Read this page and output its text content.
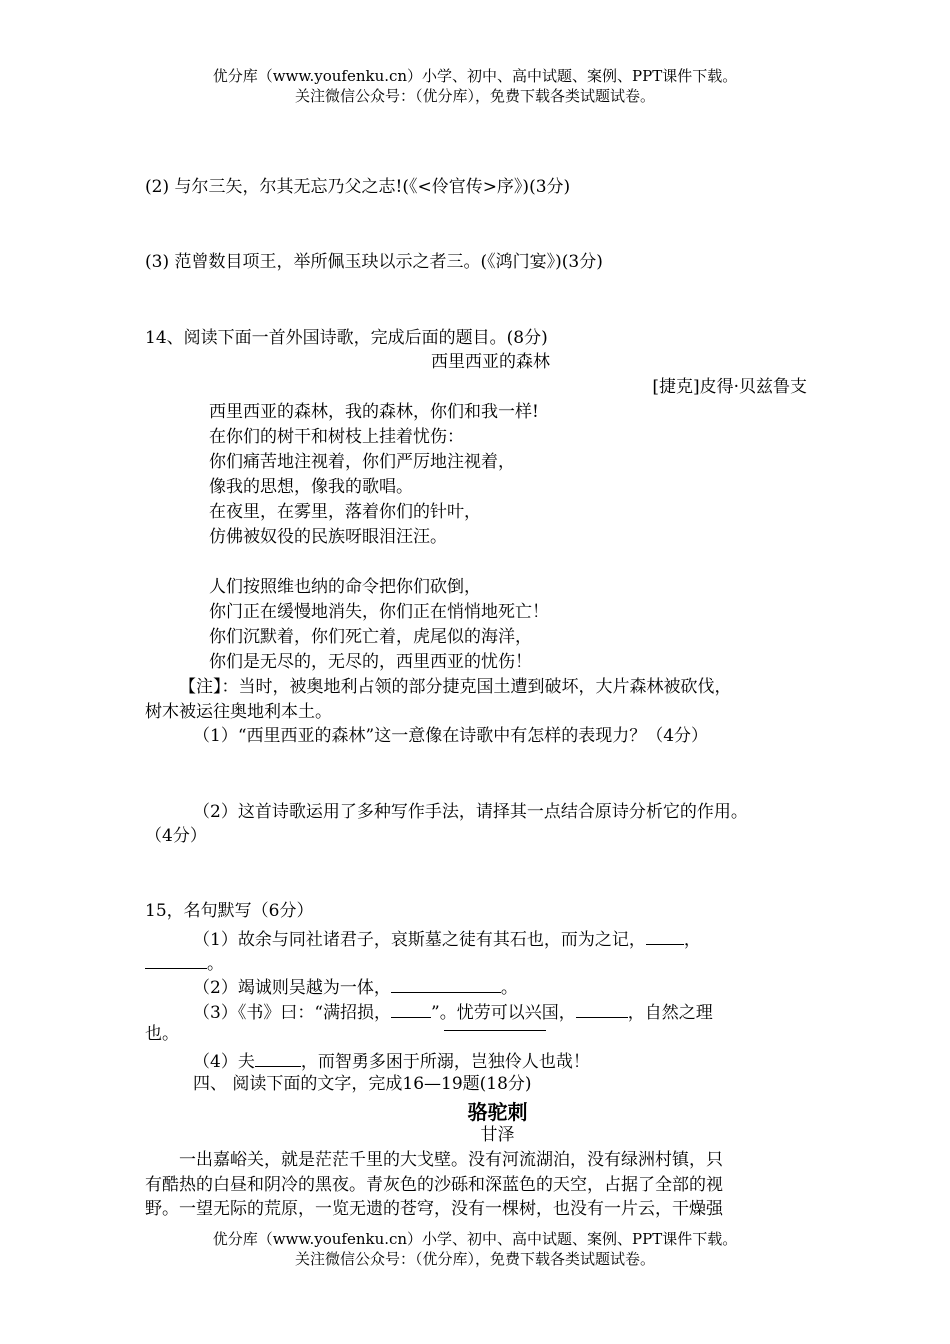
优分库（www.youfenku.cn）小学、初中、高中试题、案例、PPT课件下载。
关注微信公众号：（优分库），免费下载各类试题试卷。
(2) 与尔三矢，尔其无忘乃父之志!(《<伶官传>序》)(3分)
(3) 范曾数目项王，举所佩玉玦以示之者三。(《鸿门宴》)(3分)
14、阅读下面一首外国诗歌，完成后面的题目。(8分)
西里西亚的森林
[捷克]皮得·贝兹鲁支
西里西亚的森林，我的森林，你们和我一样!
在你们的树干和树枝上挂着忧伤：
你们痛苦地注视着，你们严厉地注视着，
像我的思想，像我的歌唱。
在夜里，在雾里，落着你们的针叶，
仿佛被奴役的民族呀眼泪汪汪。
人们按照维也纳的命令把你们砍倒，
你门正在缓慢地消失，你们正在悄悄地死亡！
你们沉默着，你们死亡着，虎尾似的海洋，
你们是无尽的，无尽的，西里西亚的忧伤！
【注】：当时，被奥地利占领的部分捷克国土遭到破坏，大片森林被砍伐，
树木被运往奥地利本土。
（1）“西里西亚的森林”这一意像在诗歌中有怎样的表现力？（4分）
（2）这首诗歌运用了多种写作手法，请择其一点结合原诗分析它的作用。
（4分）
15，名句默写（6分）
（1）故余与同社诸君子，哀斯墓之徒有其石也，而为之记， ，
。
（2）竭诚则吴越为一体，	。
（3）《书》曰：“满招损， ”。忧劳可以兴国，	，自然之理
也。
（4）夫	，而智勇多困于所溺，岂独伶人也哉！
四、 阅读下面的文字，完成16—19题(18分)
骆驼刺
甘泽
一出嘉峪关，就是茫茫千里的大戈壁。没有河流湖泊，没有绿洲村镇，只
有酷热的白昼和阴冷的黑夜。青灰色的沙砾和深蓝色的天空，占据了全部的视
野。一望无际的荒原，一览无遗的苍穹，没有一棵树，也没有一片云，干燥强
优分库（www.youfenku.cn）小学、初中、高中试题、案例、PPT课件下载。
关注微信公众号：（优分库），免费下载各类试题试卷。
